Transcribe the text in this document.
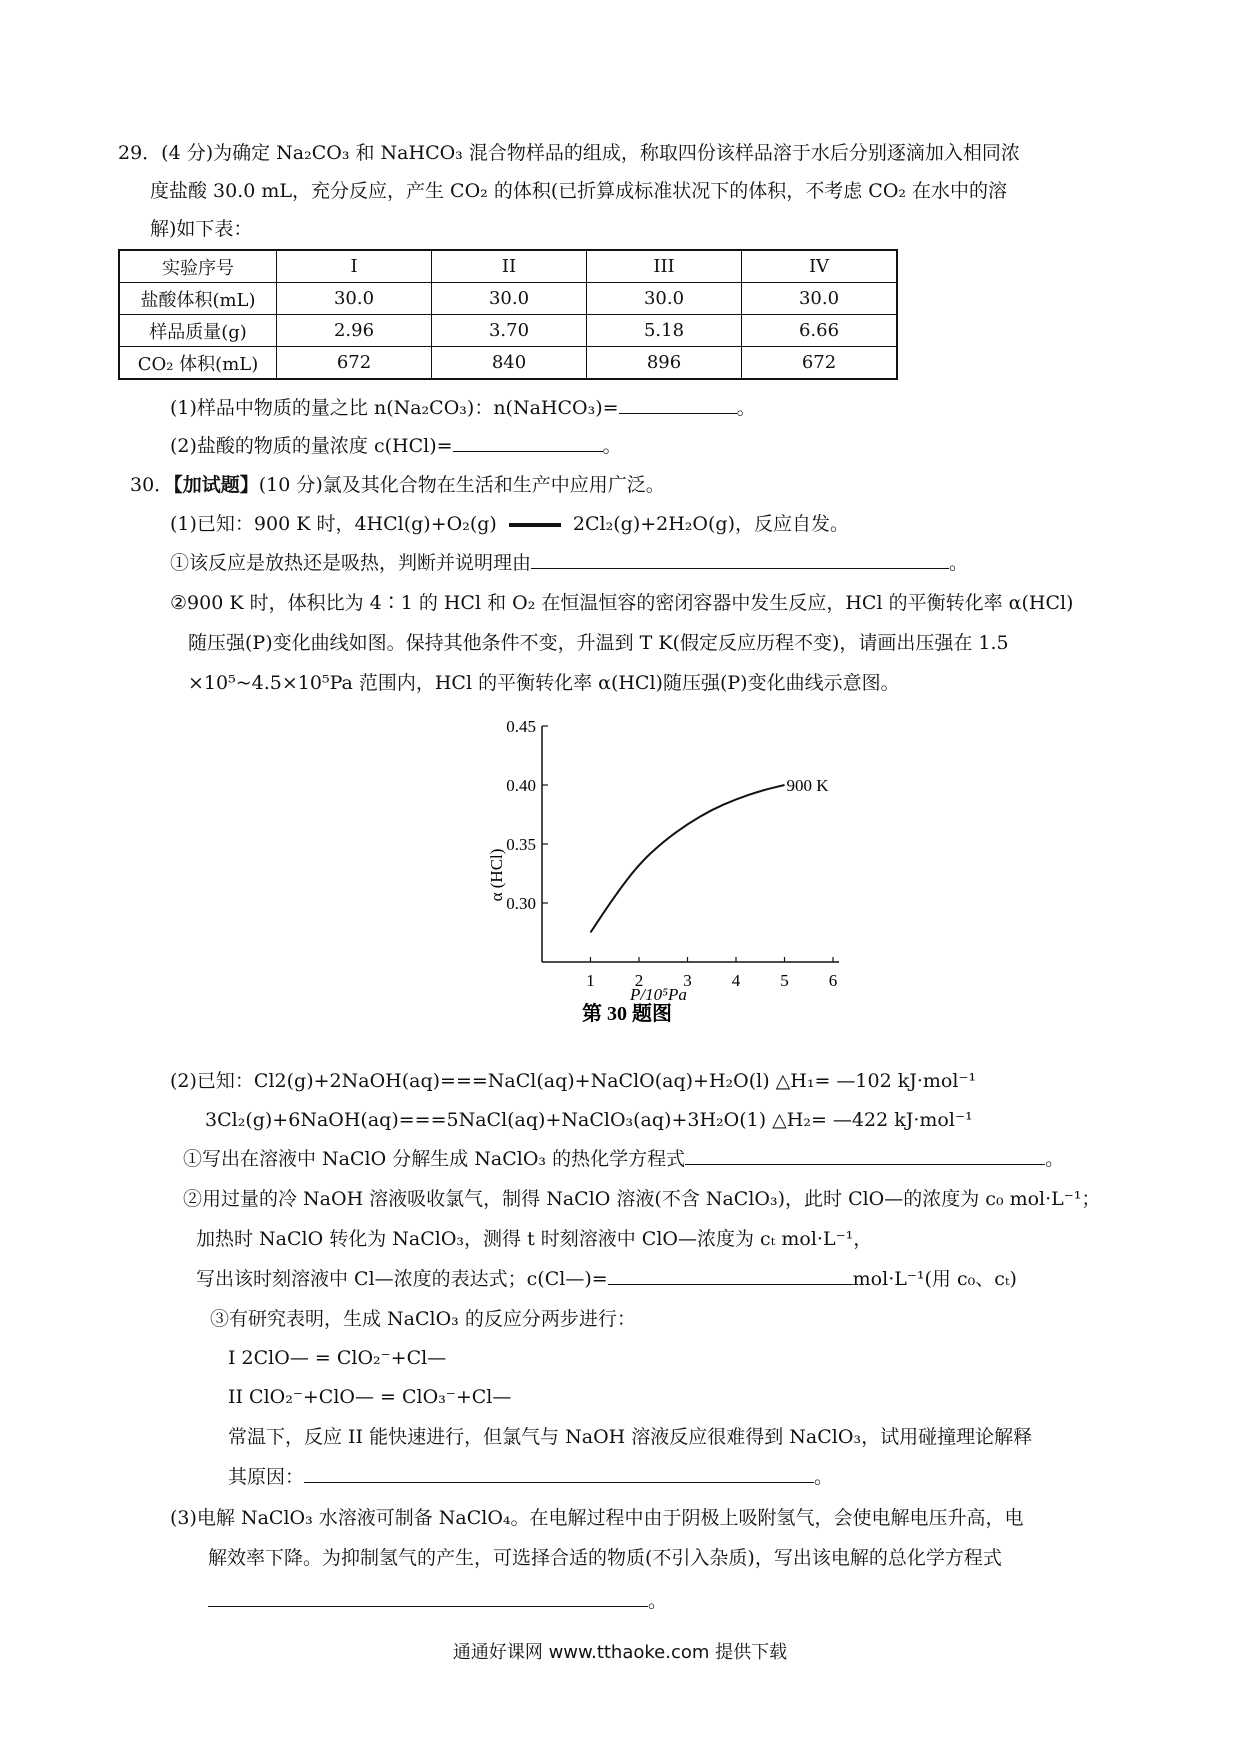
29．(4 分)为确定 Na₂CO₃ 和 NaHCO₃ 混合物样品的组成，称取四份该样品溶于水后分别逐滴加入相同浓
度盐酸 30.0 mL，充分反应，产生 CO₂ 的体积(已折算成标准状况下的体积，不考虑 CO₂ 在水中的溶
解)如下表：
实验序号	I	II	III	IV
盐酸体积(mL)	30.0	30.0	30.0	30.0
样品质量(g)	2.96	3.70	5.18	6.66
CO₂ 体积(mL)	672	840	896	672
(1)样品中物质的量之比 n(Na₂CO₃)：n(NaHCO₃)=	。
(2)盐酸的物质的量浓度 c(HCl)=	。
30．【加试题】(10 分)氯及其化合物在生活和生产中应用广泛。
(1)已知：900 K 时，4HCl(g)+O₂(g)	2Cl₂(g)+2H₂O(g)，反应自发。
①该反应是放热还是吸热，判断并说明理由	。
②900 K 时，体积比为 4∶1 的 HCl 和 O₂ 在恒温恒容的密闭容器中发生反应，HCl 的平衡转化率 α(HCl)
随压强(P)变化曲线如图。保持其他条件不变，升温到 T K(假定反应历程不变)，请画出压强在 1.5
×10⁵~4.5×10⁵Pa 范围内，HCl 的平衡转化率 α(HCl)随压强(P)变化曲线示意图。
1 2 3 4 5 6
0.30
0.35
0.40
0.45
900 K
第 30 题图
P/10⁵Pa
α (HCl)
(2)已知：Cl2(g)+2NaOH(aq)===NaCl(aq)+NaClO(aq)+H₂O(l) △H₁= —102 kJ·mol⁻¹
3Cl₂(g)+6NaOH(aq)===5NaCl(aq)+NaClO₃(aq)+3H₂O(1) △H₂= —422 kJ·mol⁻¹
①写出在溶液中 NaClO 分解生成 NaClO₃ 的热化学方程式	。
②用过量的冷 NaOH 溶液吸收氯气，制得 NaClO 溶液(不含 NaClO₃)，此时 ClO—的浓度为 c₀ mol·L⁻¹；
加热时 NaClO 转化为 NaClO₃，测得 t 时刻溶液中 ClO—浓度为 cₜ mol·L⁻¹，
写出该时刻溶液中 Cl—浓度的表达式；c(Cl—)=	mol·L⁻¹(用 c₀、cₜ)
③有研究表明，生成 NaClO₃ 的反应分两步进行：
I 2ClO— = ClO₂⁻+Cl—
II ClO₂⁻+ClO— = ClO₃⁻+Cl—
常温下，反应 II 能快速进行，但氯气与 NaOH 溶液反应很难得到 NaClO₃，试用碰撞理论解释
其原因：	。
(3)电解 NaClO₃ 水溶液可制备 NaClO₄。在电解过程中由于阴极上吸附氢气，会使电解电压升高，电
解效率下降。为抑制氢气的产生，可选择合适的物质(不引入杂质)，写出该电解的总化学方程式
。
通通好课网 www.tthaoke.com 提供下载
